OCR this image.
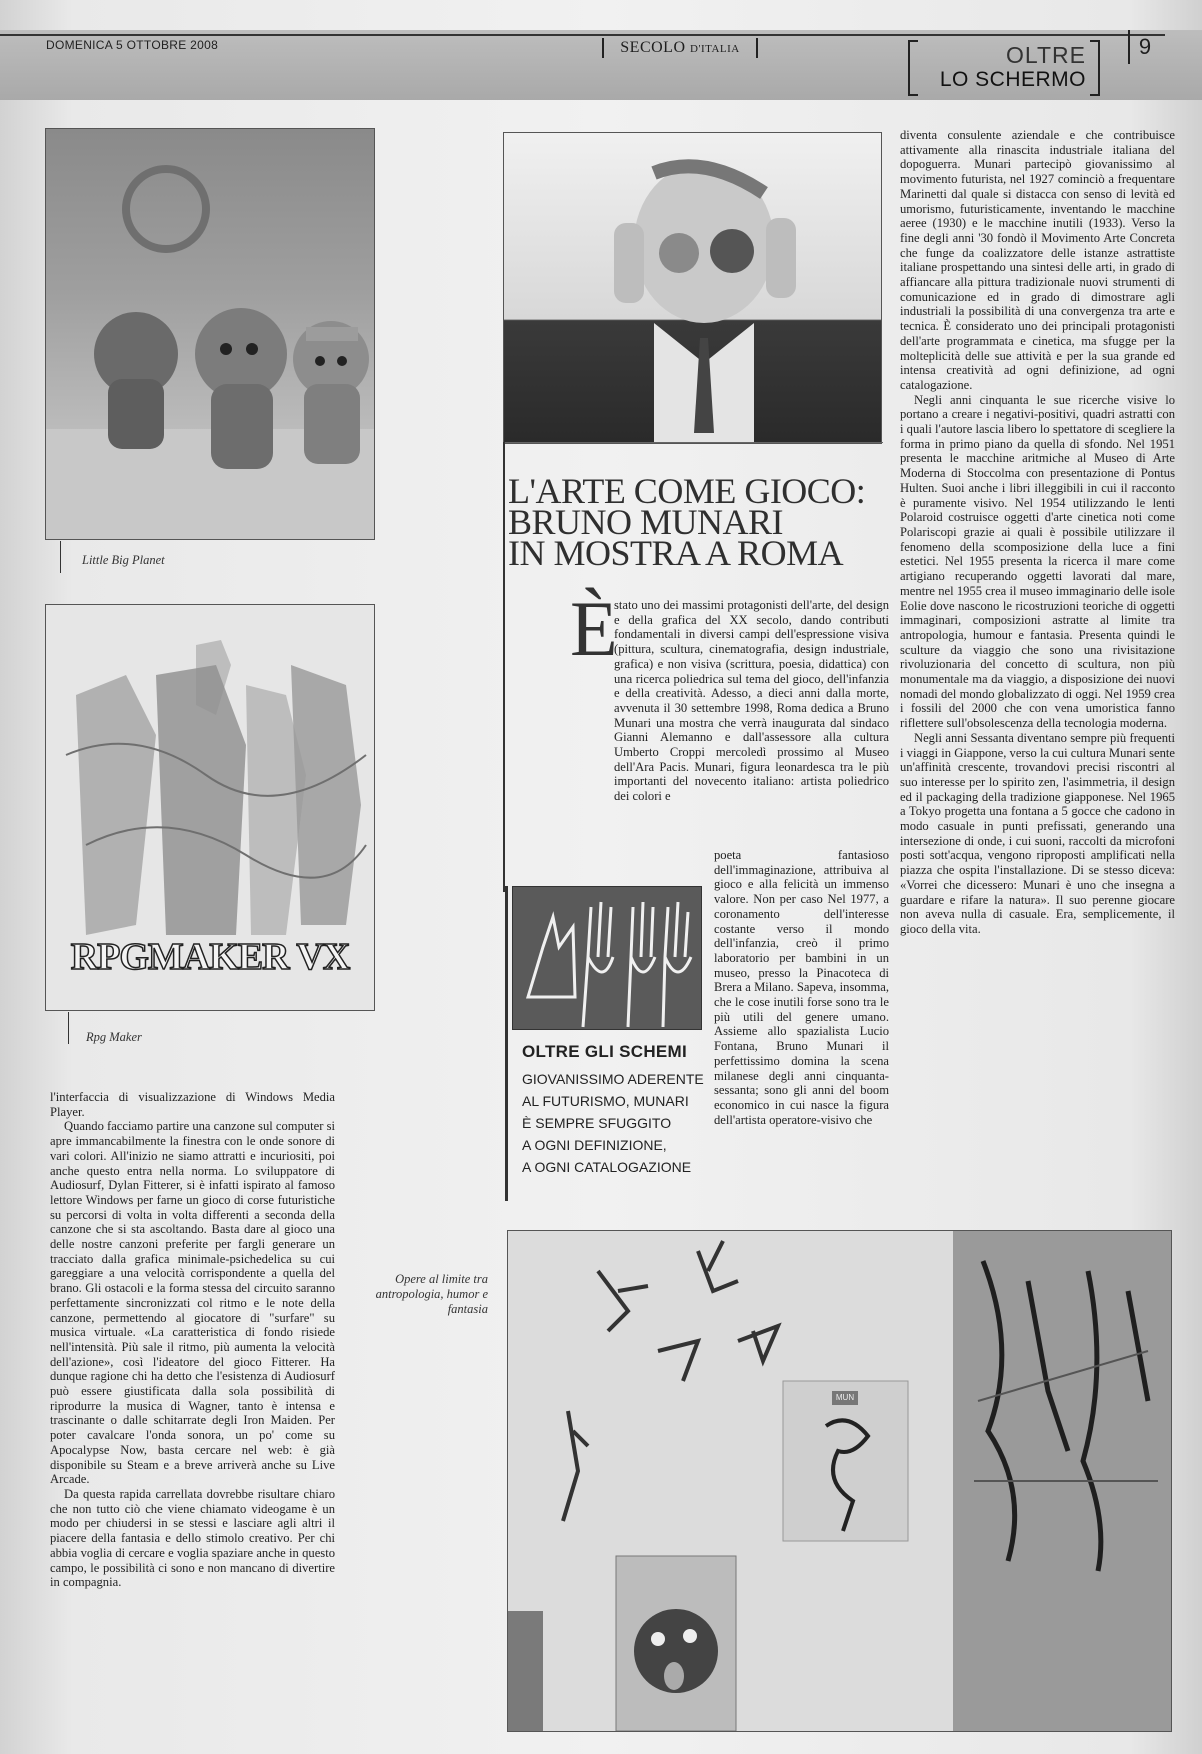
DOMENICA 5 OTTOBRE 2008	SECOLO D'ITALIA	OLTRE
LO SCHERMO
9
Little Big Planet
RPGMAKER VX
Rpg Maker

l'interfaccia di visualizzazione di Windows Media Player.

Quando facciamo partire una canzone sul computer si apre immancabilmente la finestra con le onde sonore di vari colori. All'inizio ne siamo attratti e incuriositi, poi anche questo entra nella norma. Lo sviluppatore di Audiosurf, Dylan Fitterer, si è infatti ispirato al famoso lettore Windows per farne un gioco di corse futuristiche su percorsi di volta in volta differenti a seconda della canzone che si sta ascoltando. Basta dare al gioco una delle nostre canzoni preferite per fargli generare un tracciato dalla grafica minimale-psichedelica su cui gareggiare a una velocità corrispondente a quella del brano. Gli ostacoli e la forma stessa del circuito saranno perfettamente sincronizzati col ritmo e le note della canzone, permettendo al giocatore di "surfare" su musica virtuale. «La caratteristica di fondo risiede nell'intensità. Più sale il ritmo, più aumenta la velocità dell'azione», così l'ideatore del gioco Fitterer. Ha dunque ragione chi ha detto che l'esistenza di Audiosurf può essere giustificata dalla sola possibilità di riprodurre la musica di Wagner, tanto è intensa e trascinante o dalle schitarrate degli Iron Maiden. Per poter cavalcare l'onda sonora, un po' come su Apocalypse Now, basta cercare nel web: è già disponibile su Steam e a breve arriverà anche su Live Arcade.

Da questa rapida carrellata dovrebbe risultare chiaro che non tutto ciò che viene chiamato videogame è un modo per chiudersi in se stessi e lasciare agli altri il piacere della fantasia e dello stimolo creativo. Per chi abbia voglia di cercare e voglia spaziare anche in questo campo, le possibilità ci sono e non mancano di divertire in compagnia.

L'ARTE COME GIOCO:
BRUNO MUNARI
IN MOSTRA A ROMA
È

stato uno dei massimi protagonisti dell'arte, del design e della grafica del XX secolo, dando contributi fondamentali in diversi campi dell'espressione visiva (pittura, scultura, cinematografia, design industriale, grafica) e non visiva (scrittura, poesia, didattica) con una ricerca poliedrica sul tema del gioco, dell'infanzia e della creatività. Adesso, a dieci anni dalla morte, avvenuta il 30 settembre 1998, Roma dedica a Bruno Munari una mostra che verrà inaugurata dal sindaco Gianni Alemanno e dall'assessore alla cultura Umberto Croppi mercoledì prossimo al Museo dell'Ara Pacis. Munari, figura leonardesca tra le più importanti del novecento italiano: artista poliedrico dei colori e

OLTRE GLI SCHEMI
GIOVANISSIMO ADERENTE
AL FUTURISMO, MUNARI
È SEMPRE SFUGGITO
A OGNI DEFINIZIONE,
A OGNI CATALOGAZIONE

poeta fantasioso dell'immaginazione, attribuiva al gioco e alla felicità un immenso valore. Non per caso Nel 1977, a coronamento dell'interesse costante verso il mondo dell'infanzia, creò il primo laboratorio per bambini in un museo, presso la Pinacoteca di Brera a Milano. Sapeva, insomma, che le cose inutili forse sono tra le più utili del genere umano. Assieme allo spazialista Lucio Fontana, Bruno Munari il perfettissimo domina la scena milanese degli anni cinquanta-sessanta; sono gli anni del boom economico in cui nasce la figura dell'artista operatore-visivo che

diventa consulente aziendale e che contribuisce attivamente alla rinascita industriale italiana del dopoguerra. Munari partecipò giovanissimo al movimento futurista, nel 1927 cominciò a frequentare Marinetti dal quale si distacca con senso di levità ed umorismo, futuristicamente, inventando le macchine aeree (1930) e le macchine inutili (1933). Verso la fine degli anni '30 fondò il Movimento Arte Concreta che funge da coalizzatore delle istanze astrattiste italiane prospettando una sintesi delle arti, in grado di affiancare alla pittura tradizionale nuovi strumenti di comunicazione ed in grado di dimostrare agli industriali la possibilità di una convergenza tra arte e tecnica. È considerato uno dei principali protagonisti dell'arte programmata e cinetica, ma sfugge per la molteplicità delle sue attività e per la sua grande ed intensa creatività ad ogni definizione, ad ogni catalogazione.

Negli anni cinquanta le sue ricerche visive lo portano a creare i negativi-positivi, quadri astratti con i quali l'autore lascia libero lo spettatore di scegliere la forma in primo piano da quella di sfondo. Nel 1951 presenta le macchine aritmiche al Museo di Arte Moderna di Stoccolma con presentazione di Pontus Hulten. Suoi anche i libri illeggibili in cui il racconto è puramente visivo. Nel 1954 utilizzando le lenti Polaroid costruisce oggetti d'arte cinetica noti come Polariscopi grazie ai quali è possibile utilizzare il fenomeno della scomposizione della luce a fini estetici. Nel 1955 presenta la ricerca il mare come artigiano recuperando oggetti lavorati dal mare, mentre nel 1955 crea il museo immaginario delle isole Eolie dove nascono le ricostruzioni teoriche di oggetti immaginari, composizioni astratte al limite tra antropologia, humour e fantasia. Presenta quindi le sculture da viaggio che sono una rivisitazione rivoluzionaria del concetto di scultura, non più monumentale ma da viaggio, a disposizione dei nuovi nomadi del mondo globalizzato di oggi. Nel 1959 crea i fossili del 2000 che con vena umoristica fanno riflettere sull'obsolescenza della tecnologia moderna.

Negli anni Sessanta diventano sempre più frequenti i viaggi in Giappone, verso la cui cultura Munari sente un'affinità crescente, trovandovi precisi riscontri al suo interesse per lo spirito zen, l'asimmetria, il design ed il packaging della tradizione giapponese. Nel 1965 a Tokyo progetta una fontana a 5 gocce che cadono in modo casuale in punti prefissati, generando una intersezione di onde, i cui suoni, raccolti da microfoni posti sott'acqua, vengono riproposti amplificati nella piazza che ospita l'installazione. Di se stesso diceva: «Vorrei che dicessero: Munari è uno che insegna a guardare e rifare la natura». Il suo perenne giocare non aveva nulla di casuale. Era, semplicemente, il gioco della vita.

Opere al limite tra antropologia, humor e fantasia
MUN
